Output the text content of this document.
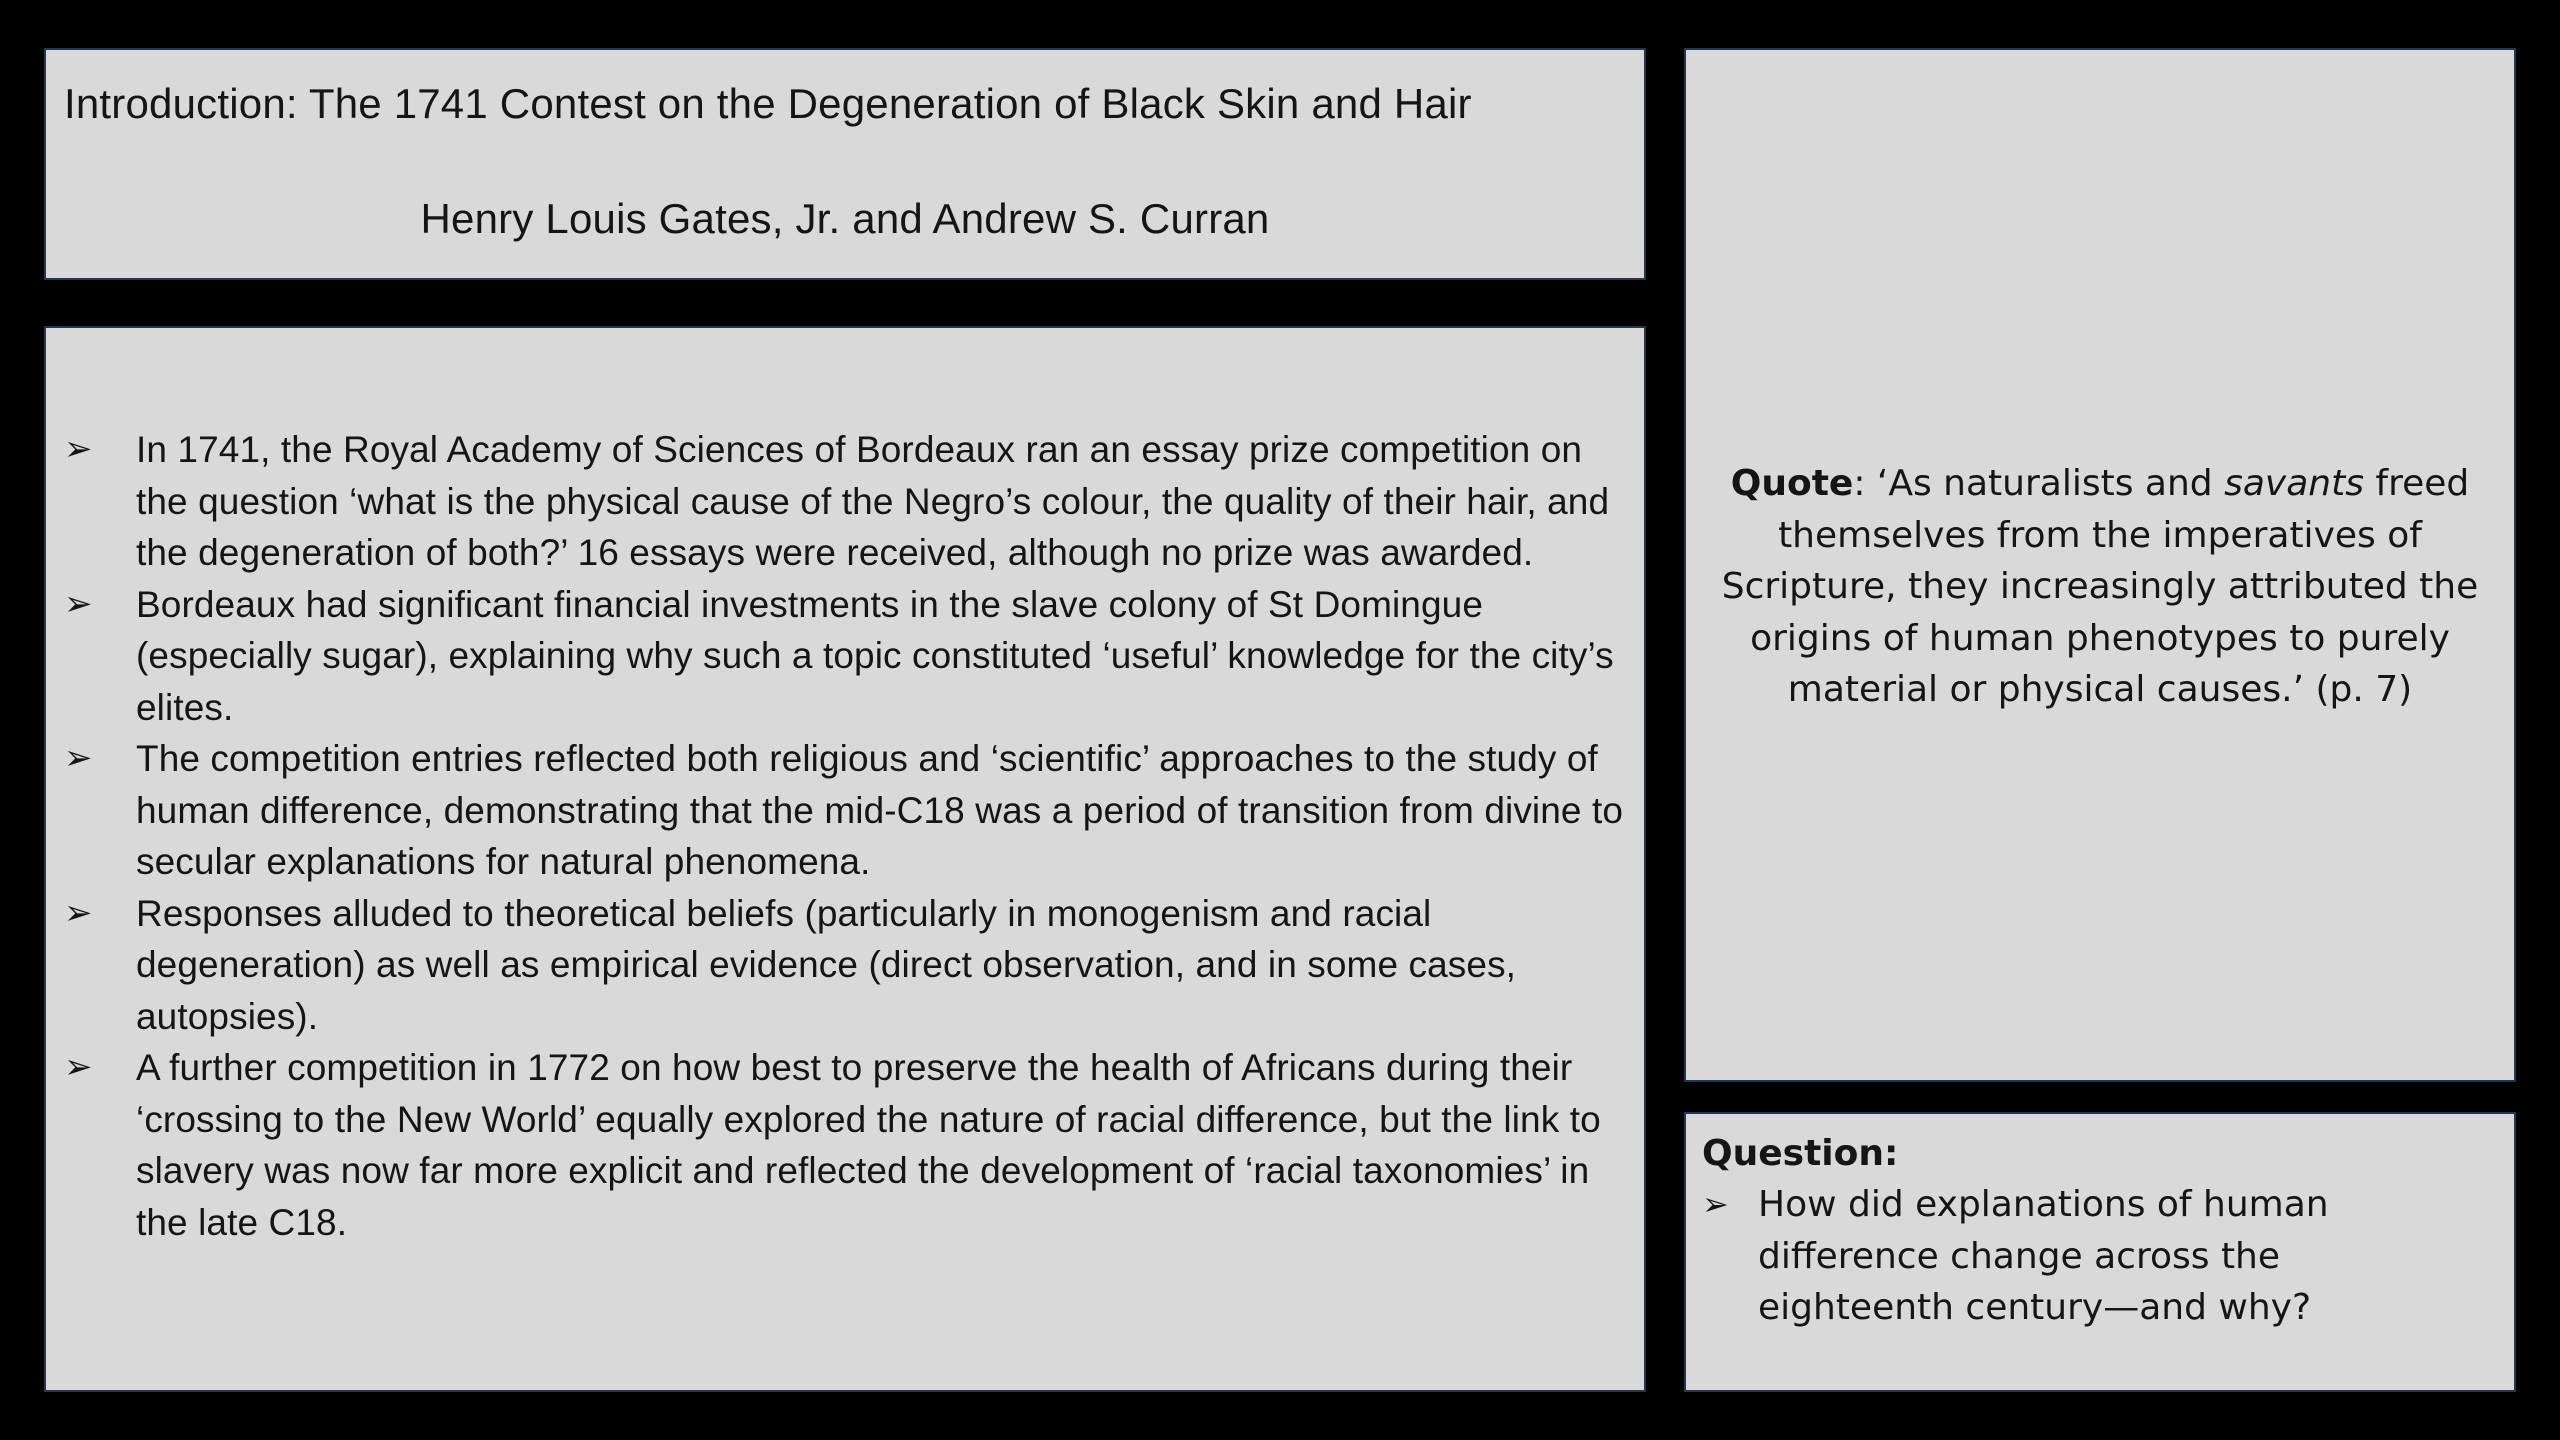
Introduction: The 1741 Contest on the Degeneration of Black Skin and Hair
Henry Louis Gates, Jr. and Andrew S. Curran
➢ In 1741, the Royal Academy of Sciences of Bordeaux ran an essay prize competition on the question ‘what is the physical cause of the Negro’s colour, the quality of their hair, and the degeneration of both?’ 16 essays were received, although no prize was awarded.
➢ Bordeaux had significant financial investments in the slave colony of St Domingue (especially sugar), explaining why such a topic constituted ‘useful’ knowledge for the city’s elites.
➢ The competition entries reflected both religious and ‘scientific’ approaches to the study of human difference, demonstrating that the mid-C18 was a period of transition from divine to secular explanations for natural phenomena.
➢ Responses alluded to theoretical beliefs (particularly in monogenism and racial degeneration) as well as empirical evidence (direct observation, and in some cases, autopsies).
➢ A further competition in 1772 on how best to preserve the health of Africans during their ‘crossing to the New World’ equally explored the nature of racial difference, but the link to slavery was now far more explicit and reflected the development of ‘racial taxonomies’ in the late C18.
Quote: ‘As naturalists and savants freed themselves from the imperatives of Scripture, they increasingly attributed the origins of human phenotypes to purely material or physical causes.’ (p. 7)
Question:
➢ How did explanations of human difference change across the eighteenth century—and why?
